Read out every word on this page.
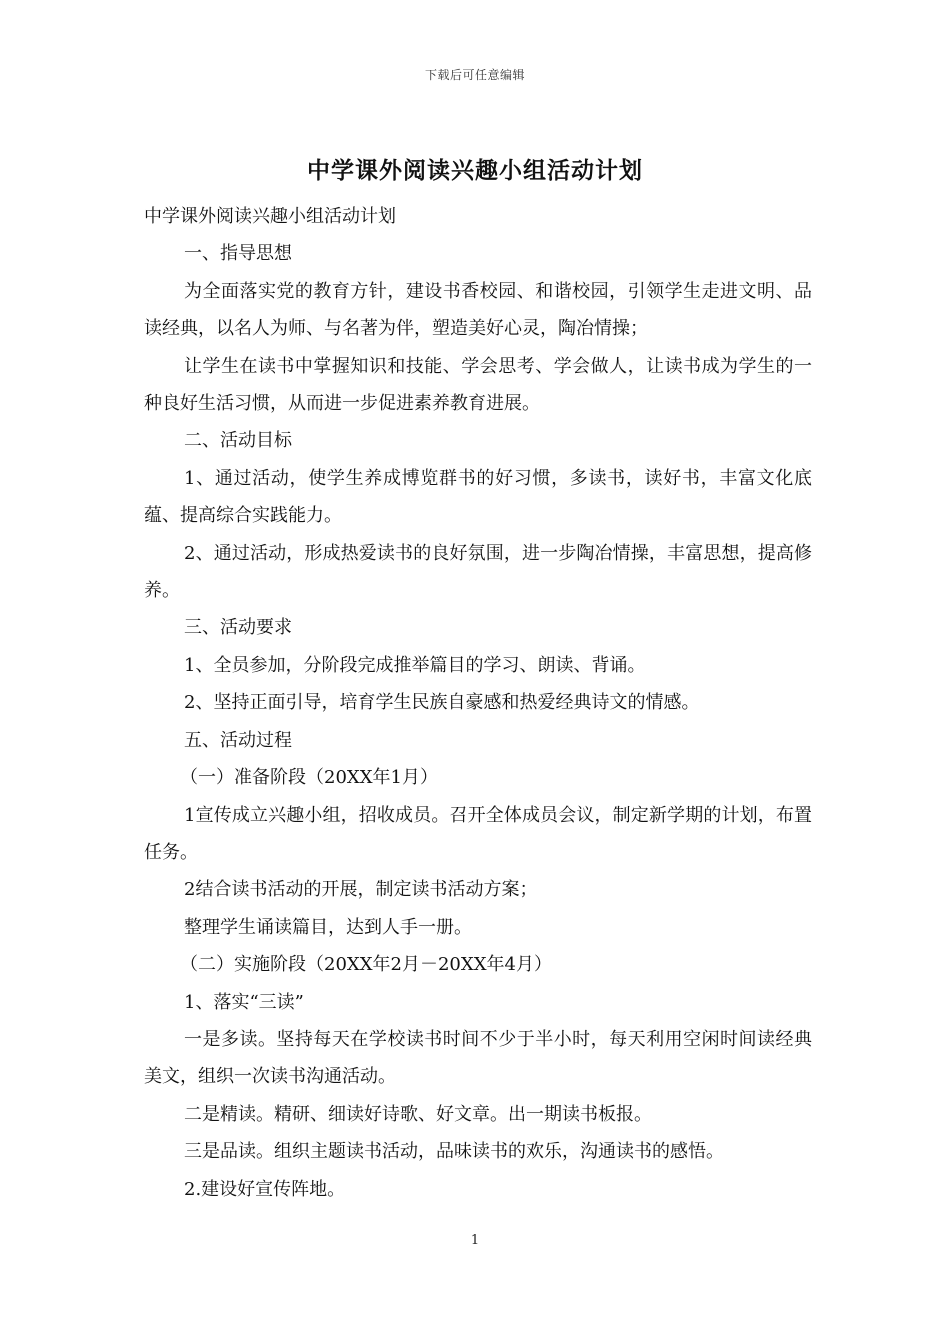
下载后可任意编辑
中学课外阅读兴趣小组活动计划

中学课外阅读兴趣小组活动计划

一、指导思想

为全面落实党的教育方针，建设书香校园、和谐校园，引领学生走进文明、品读经典，以名人为师、与名著为伴，塑造美好心灵，陶冶情操；

让学生在读书中掌握知识和技能、学会思考、学会做人，让读书成为学生的一种良好生活习惯，从而进一步促进素养教育进展。

二、活动目标

1、通过活动，使学生养成博览群书的好习惯，多读书，读好书，丰富文化底蕴、提高综合实践能力。

2、通过活动，形成热爱读书的良好氛围，进一步陶冶情操，丰富思想，提高修养。

三、活动要求

1、全员参加，分阶段完成推举篇目的学习、朗读、背诵。

2、坚持正面引导，培育学生民族自豪感和热爱经典诗文的情感。

五、活动过程

（一）准备阶段（20XX年1月）

1宣传成立兴趣小组，招收成员。召开全体成员会议，制定新学期的计划，布置任务。

2结合读书活动的开展，制定读书活动方案；

整理学生诵读篇目，达到人手一册。

（二）实施阶段（20XX年2月－20XX年4月）

1、落实“三读”

一是多读。坚持每天在学校读书时间不少于半小时，每天利用空闲时间读经典美文，组织一次读书沟通活动。

二是精读。精研、细读好诗歌、好文章。出一期读书板报。

三是品读。组织主题读书活动，品味读书的欢乐，沟通读书的感悟。

2.建设好宣传阵地。

1
